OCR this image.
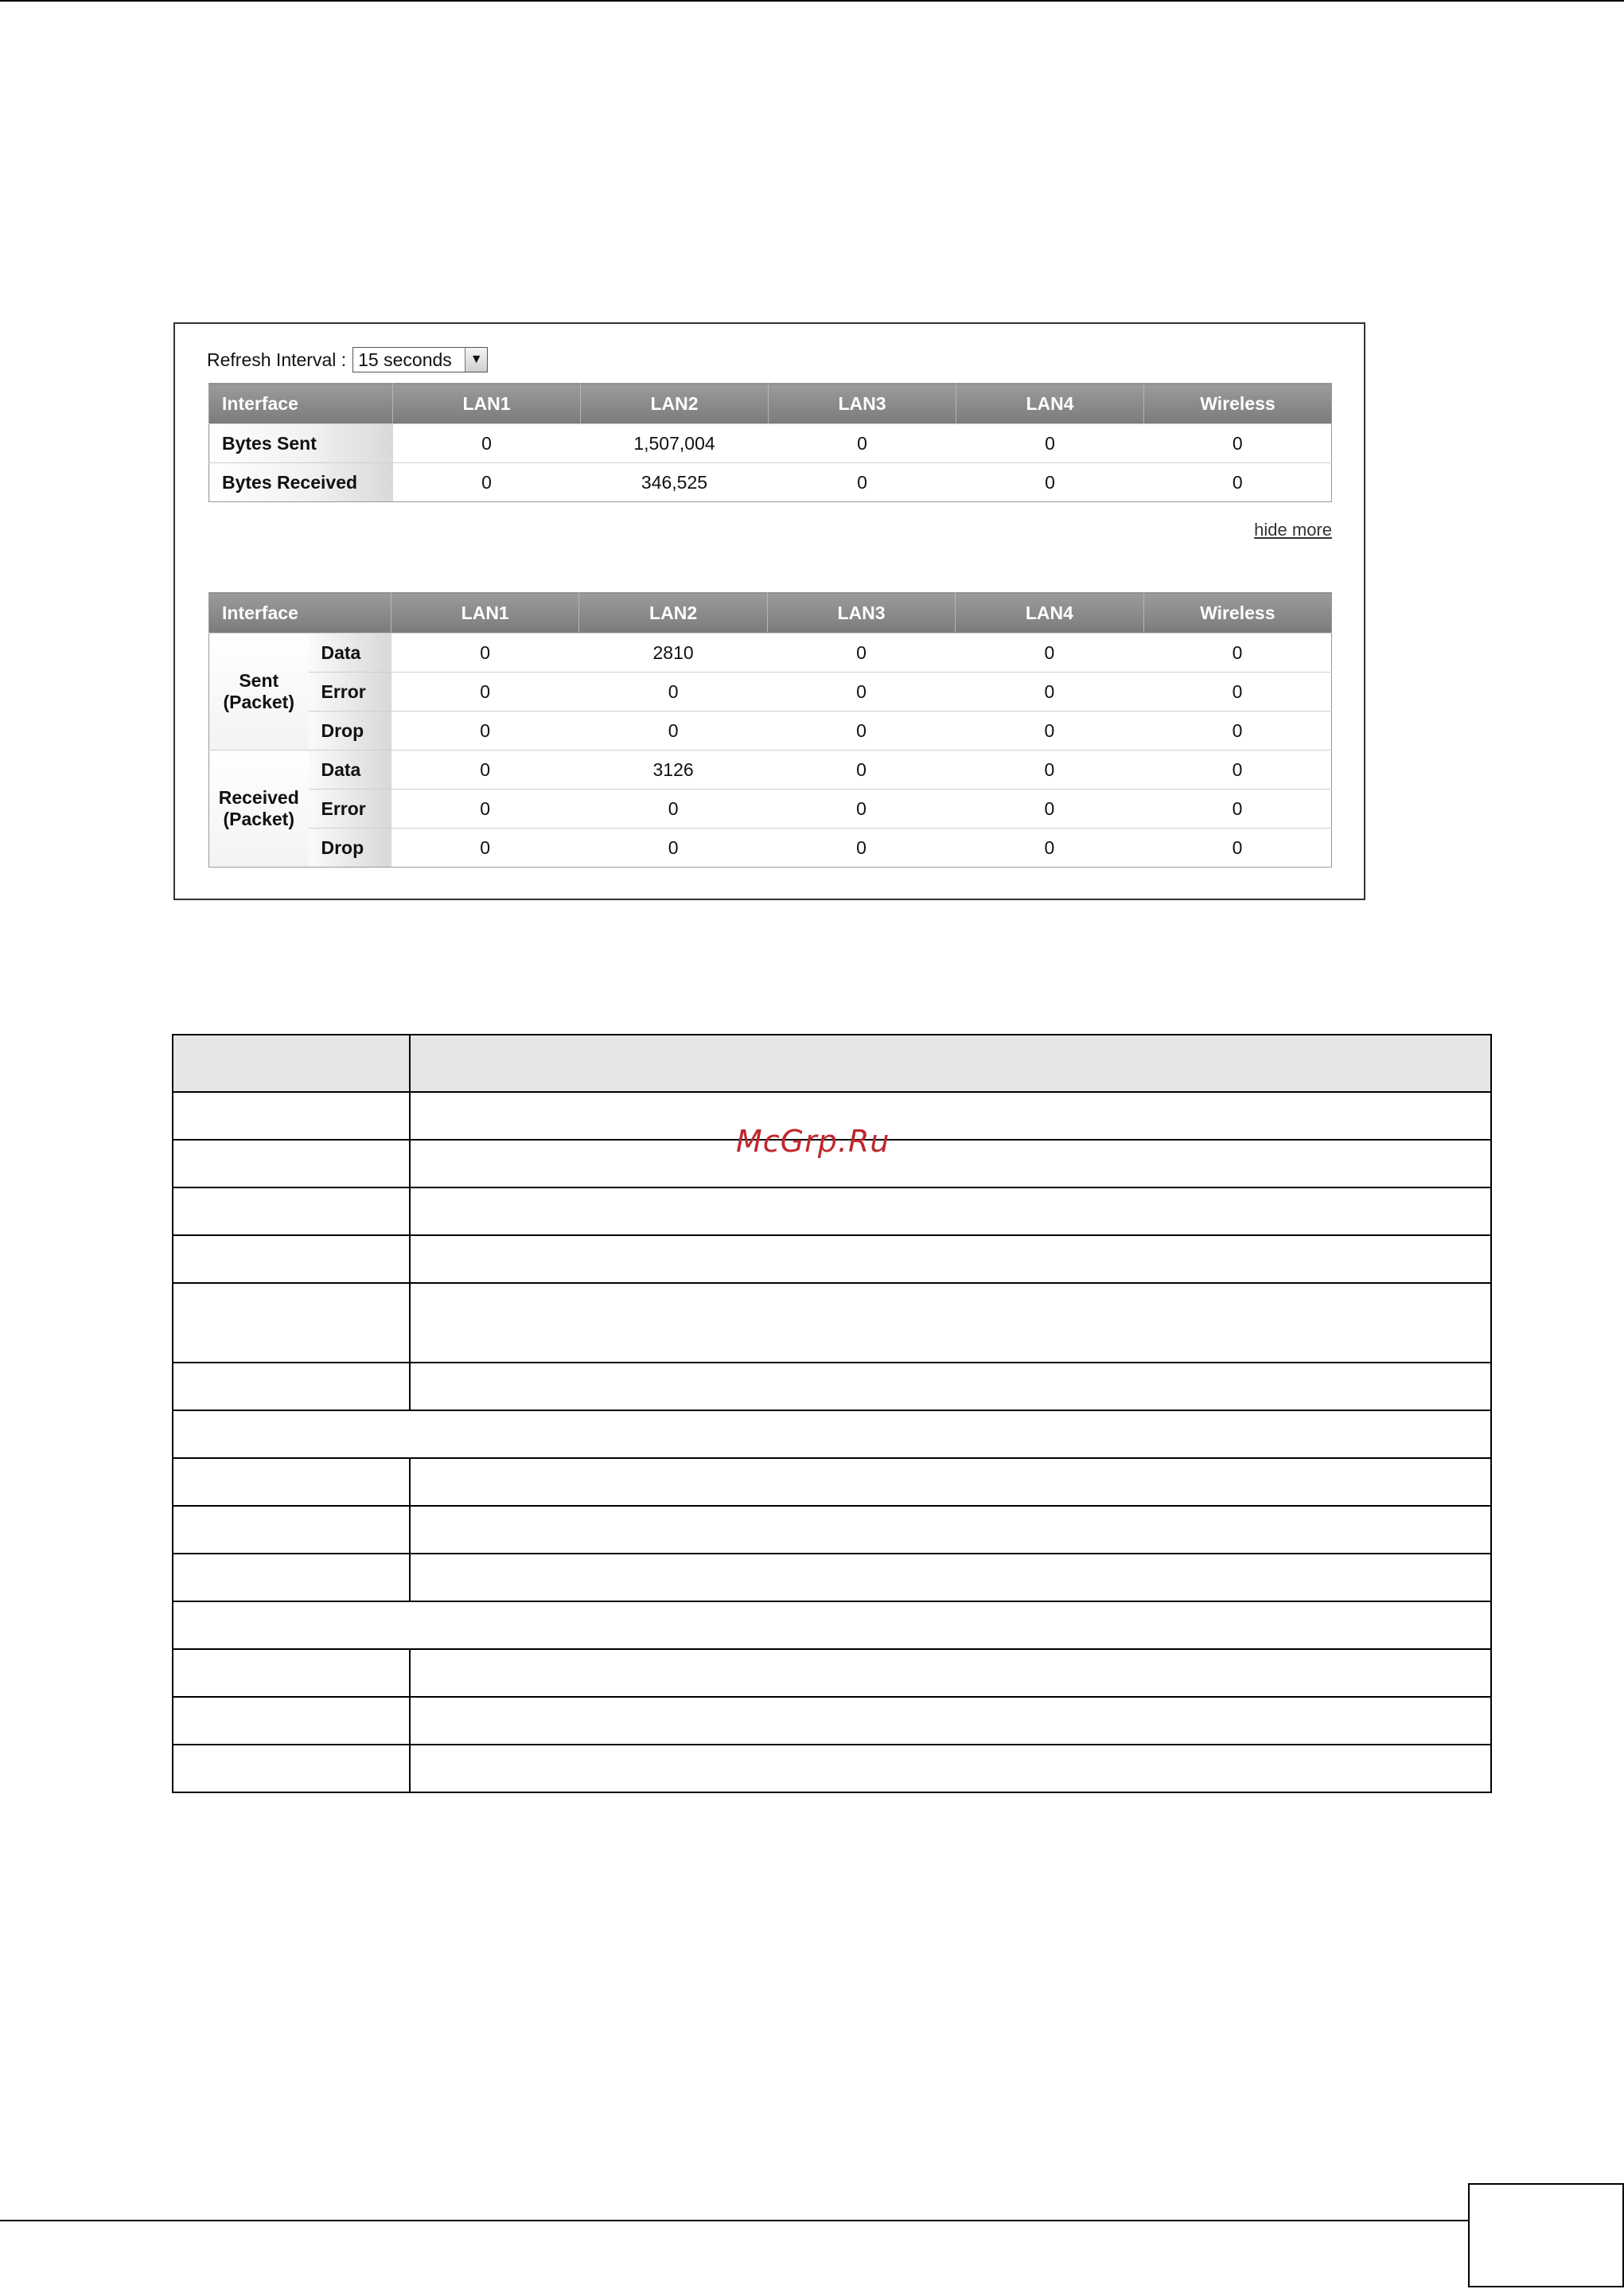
Refresh Interval : 15 seconds	▼
Interface	LAN1	LAN2	LAN3	LAN4	Wireless
Bytes Sent	0	1,507,004	0	0	0
Bytes Received	0	346,525	0	0	0
hide more
Interface		LAN1	LAN2	LAN3	LAN4	Wireless

Sent
(Packet)	Data	0	2810	0	0	0
	Error	0	0	0	0	0
	Drop	0	0	0	0	0

Received
(Packet)	Data	0	3126	0	0	0
	Error	0	0	0	0	0
	Drop	0	0	0	0	0

McGrp.Ru
